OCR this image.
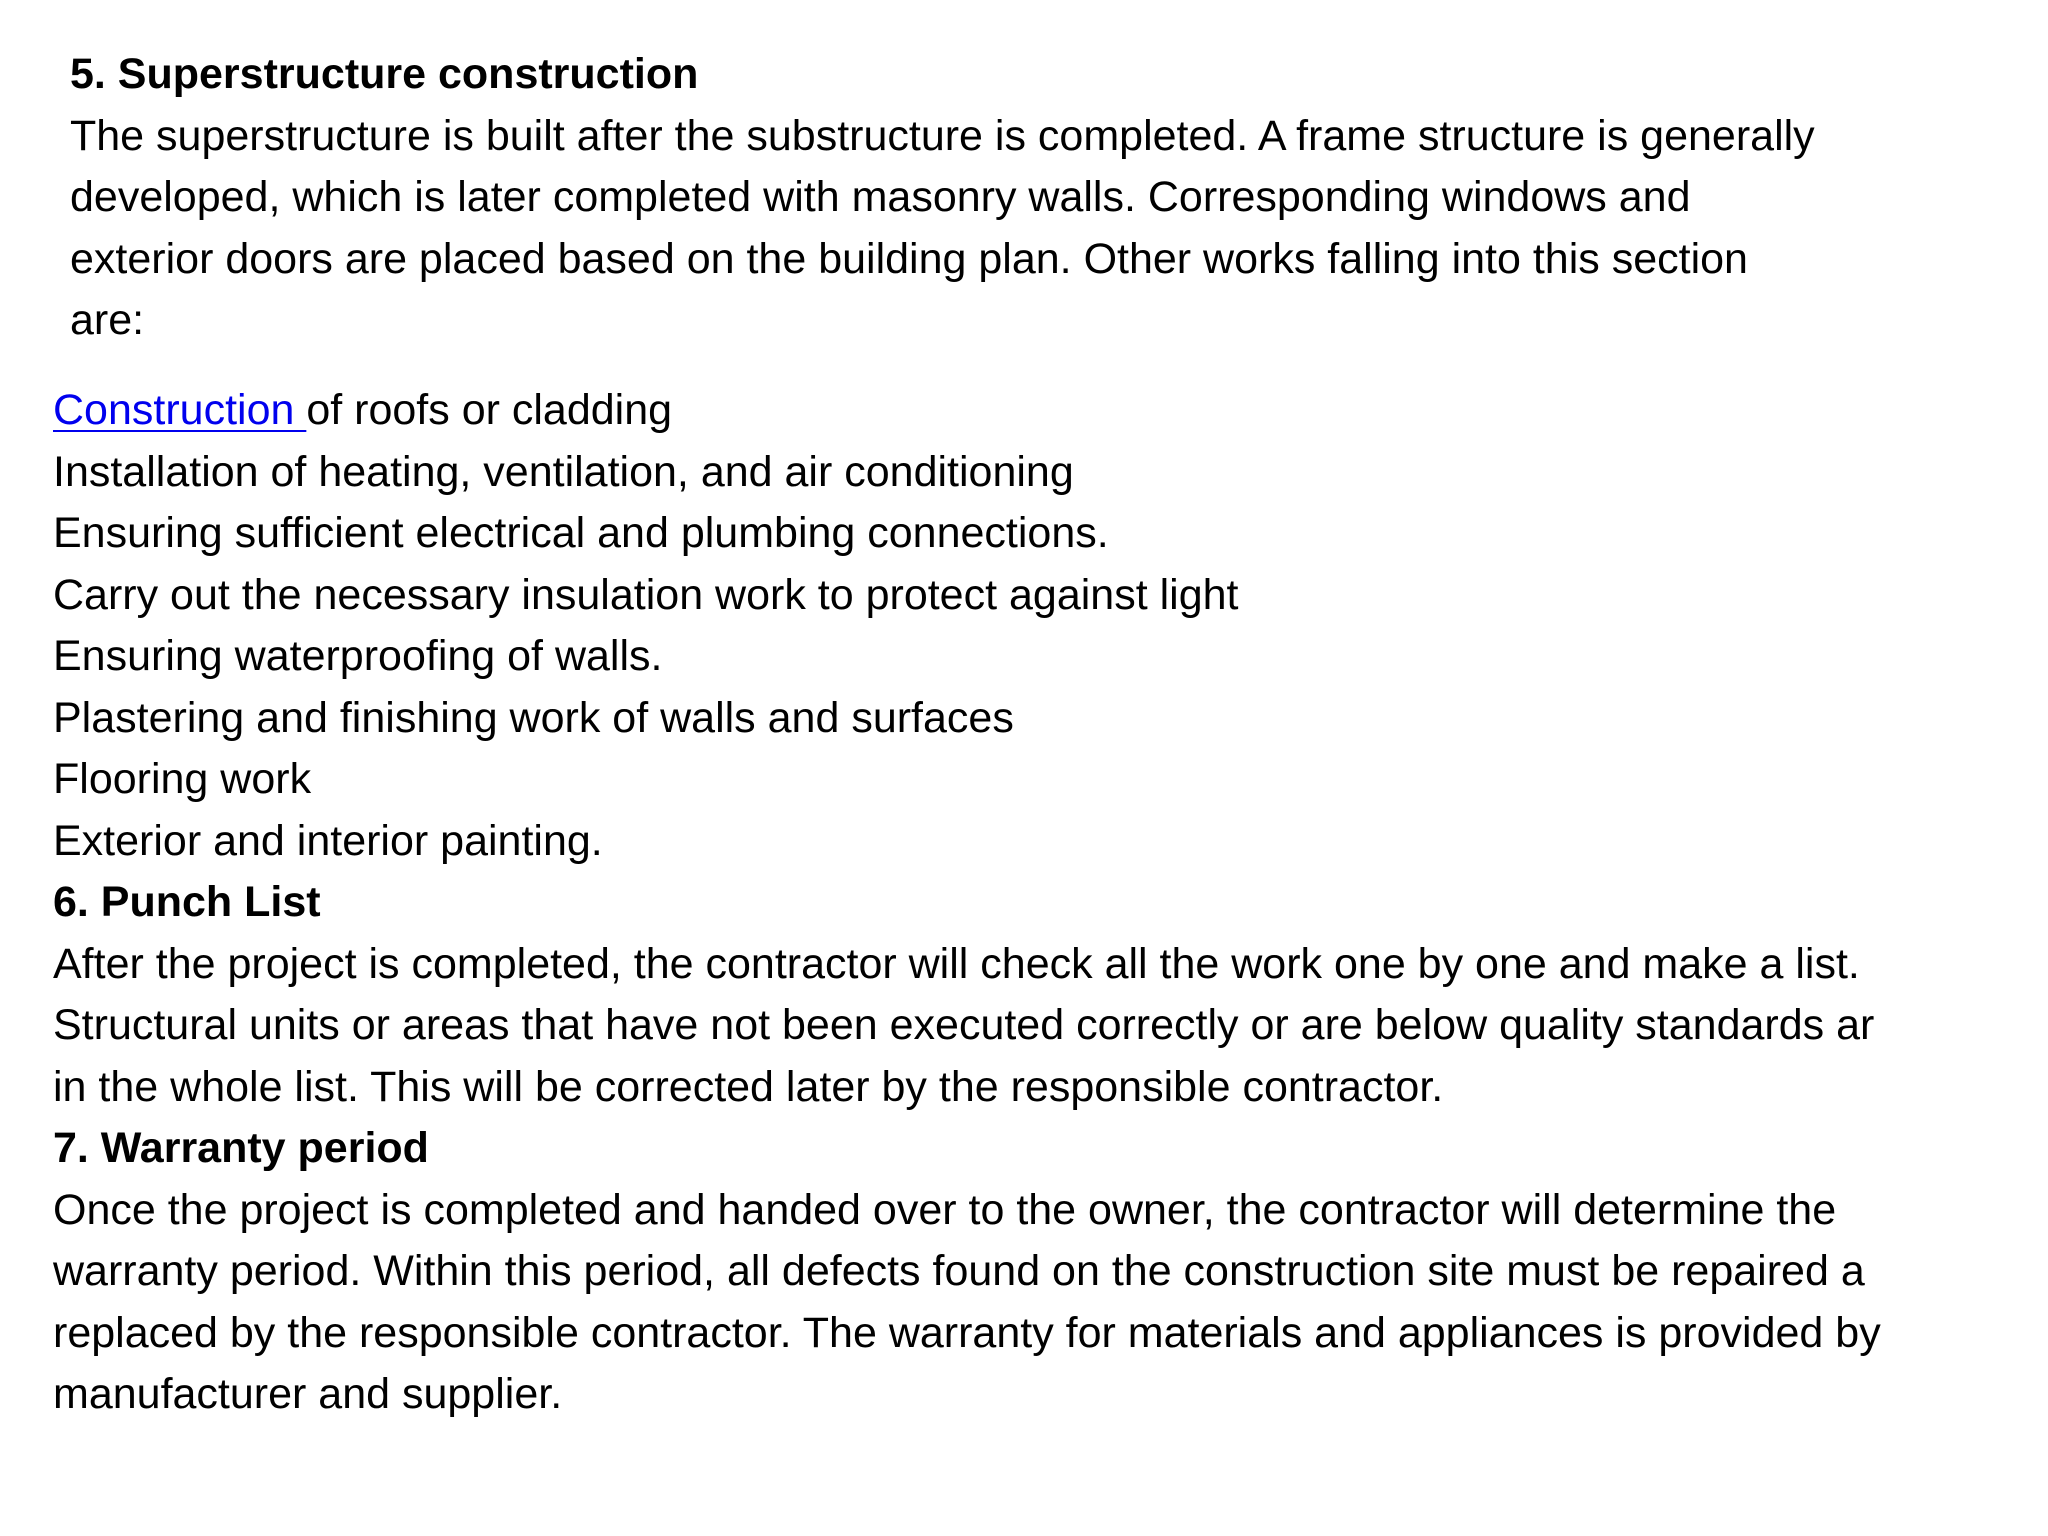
5. Superstructure construction
The superstructure is built after the substructure is completed. A frame structure is generally
developed, which is later completed with masonry walls. Corresponding windows and
exterior doors are placed based on the building plan. Other works falling into this section
are:
Construction of roofs or cladding
Installation of heating, ventilation, and air conditioning
Ensuring sufficient electrical and plumbing connections.
Carry out the necessary insulation work to protect against light
Ensuring waterproofing of walls.
Plastering and finishing work of walls and surfaces
Flooring work
Exterior and interior painting.
6. Punch List
After the project is completed, the contractor will check all the work one by one and make a list.
Structural units or areas that have not been executed correctly or are below quality standards ar
in the whole list. This will be corrected later by the responsible contractor.
7. Warranty period
Once the project is completed and handed over to the owner, the contractor will determine the
warranty period. Within this period, all defects found on the construction site must be repaired a
replaced by the responsible contractor. The warranty for materials and appliances is provided by
manufacturer and supplier.
